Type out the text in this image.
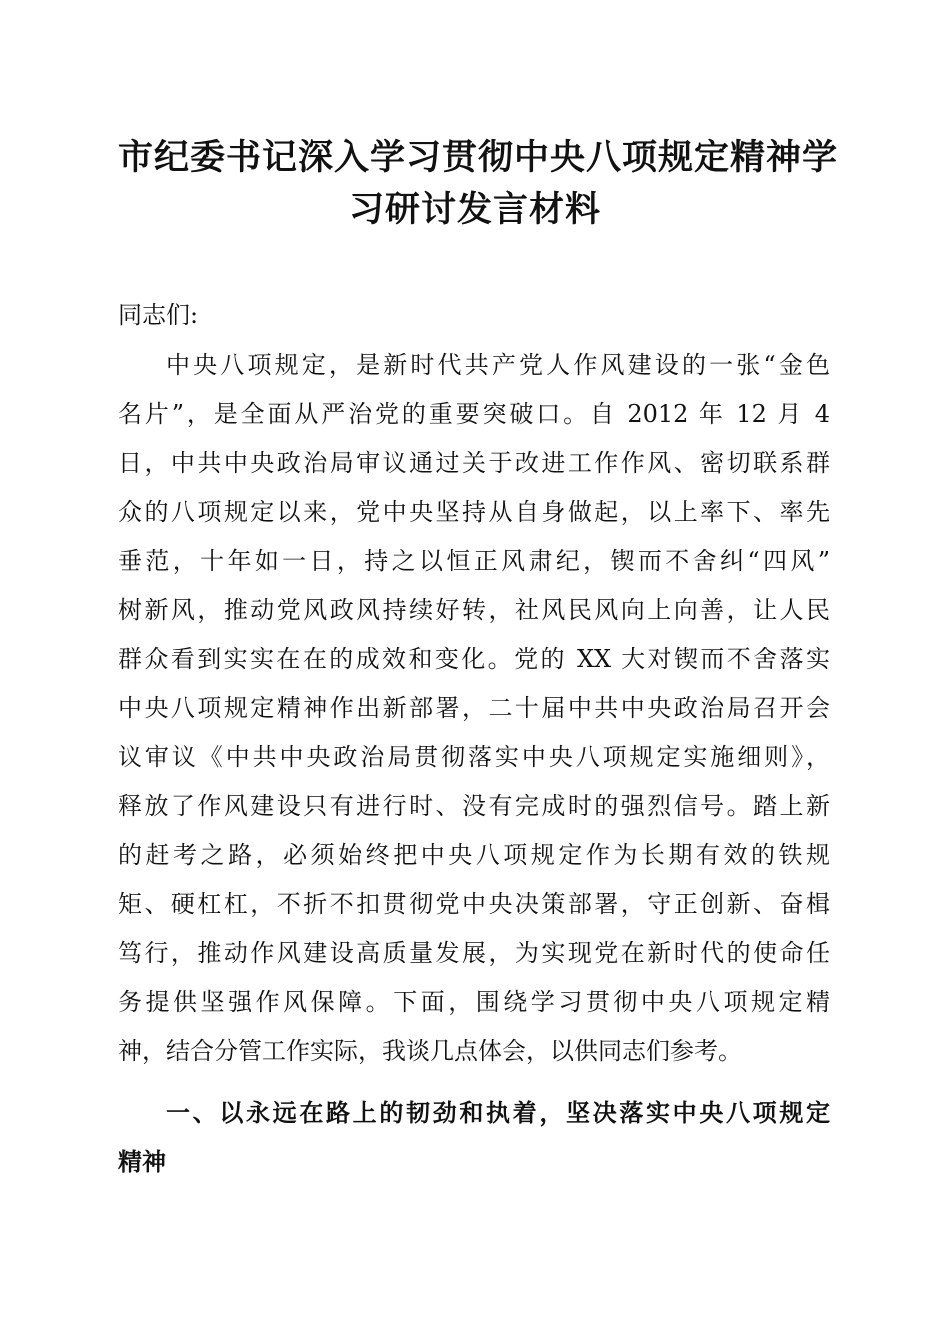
市纪委书记深入学习贯彻中央八项规定精神学
习研讨发言材料

同志们:

中央八项规定，是新时代共产党人作风建设的一张“金色
名片”，是全面从严治党的重要突破口。自 2012 年 12 月 4
日，中共中央政治局审议通过关于改进工作作风、密切联系群
众的八项规定以来，党中央坚持从自身做起，以上率下、率先
垂范，十年如一日，持之以恒正风肃纪，锲而不舍纠“四风”
树新风，推动党风政风持续好转，社风民风向上向善，让人民
群众看到实实在在的成效和变化。党的 XX 大对锲而不舍落实
中央八项规定精神作出新部署，二十届中共中央政治局召开会
议审议《中共中央政治局贯彻落实中央八项规定实施细则》，
释放了作风建设只有进行时、没有完成时的强烈信号。踏上新
的赶考之路，必须始终把中央八项规定作为长期有效的铁规
矩、硬杠杠，不折不扣贯彻党中央决策部署，守正创新、奋楫
笃行，推动作风建设高质量发展，为实现党在新时代的使命任
务提供坚强作风保障。下面，围绕学习贯彻中央八项规定精
神，结合分管工作实际，我谈几点体会，以供同志们参考。
一、以永远在路上的韧劲和执着，坚决落实中央八项规定
精神
